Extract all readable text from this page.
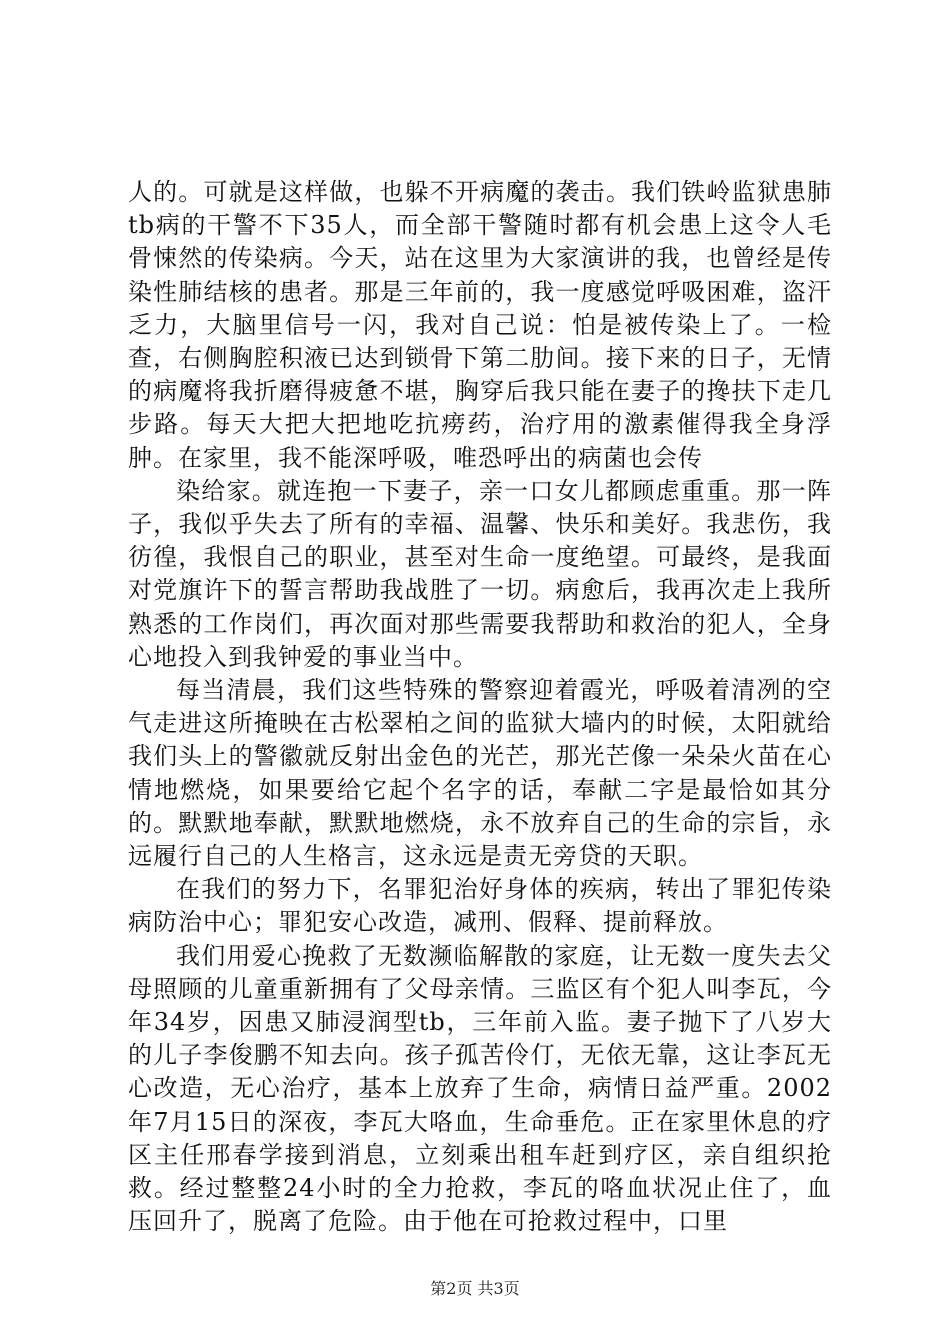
人的。可就是这样做，也躲不开病魔的袭击。我们铁岭监狱患肺tb病的干警不下35人，而全部干警随时都有机会患上这令人毛骨悚然的传染病。今天，站在这里为大家演讲的我，也曾经是传染性肺结核的患者。那是三年前的，我一度感觉呼吸困难，盗汗乏力，大脑里信号一闪，我对自己说：怕是被传染上了。一检查，右侧胸腔积液已达到锁骨下第二肋间。接下来的日子，无情的病魔将我折磨得疲惫不堪，胸穿后我只能在妻子的搀扶下走几步路。每天大把大把地吃抗痨药，治疗用的激素催得我全身浮肿。在家里，我不能深呼吸，唯恐呼出的病菌也会传

染给家。就连抱一下妻子，亲一口女儿都顾虑重重。那一阵子，我似乎失去了所有的幸福、温馨、快乐和美好。我悲伤，我彷徨，我恨自己的职业，甚至对生命一度绝望。可最终，是我面对党旗许下的誓言帮助我战胜了一切。病愈后，我再次走上我所熟悉的工作岗们，再次面对那些需要我帮助和救治的犯人，全身心地投入到我钟爱的事业当中。

每当清晨，我们这些特殊的警察迎着霞光，呼吸着清冽的空气走进这所掩映在古松翠柏之间的监狱大墙内的时候，太阳就给我们头上的警徽就反射出金色的光芒，那光芒像一朵朵火苗在心情地燃烧，如果要给它起个名字的话，奉献二字是最恰如其分的。默默地奉献，默默地燃烧，永不放弃自己的生命的宗旨，永远履行自己的人生格言，这永远是责无旁贷的天职。

在我们的努力下，名罪犯治好身体的疾病，转出了罪犯传染病防治中心；罪犯安心改造，减刑、假释、提前释放。

我们用爱心挽救了无数濒临解散的家庭，让无数一度失去父母照顾的儿童重新拥有了父母亲情。三监区有个犯人叫李瓦，今年34岁，因患又肺浸润型tb，三年前入监。妻子抛下了八岁大的儿子李俊鹏不知去向。孩子孤苦伶仃，无依无靠，这让李瓦无心改造，无心治疗，基本上放弃了生命，病情日益严重。2002年7月15日的深夜，李瓦大咯血，生命垂危。正在家里休息的疗区主任邢春学接到消息，立刻乘出租车赶到疗区，亲自组织抢救。经过整整24小时的全力抢救，李瓦的咯血状况止住了，血压回升了，脱离了危险。由于他在可抢救过程中，口里

第2页 共3页
